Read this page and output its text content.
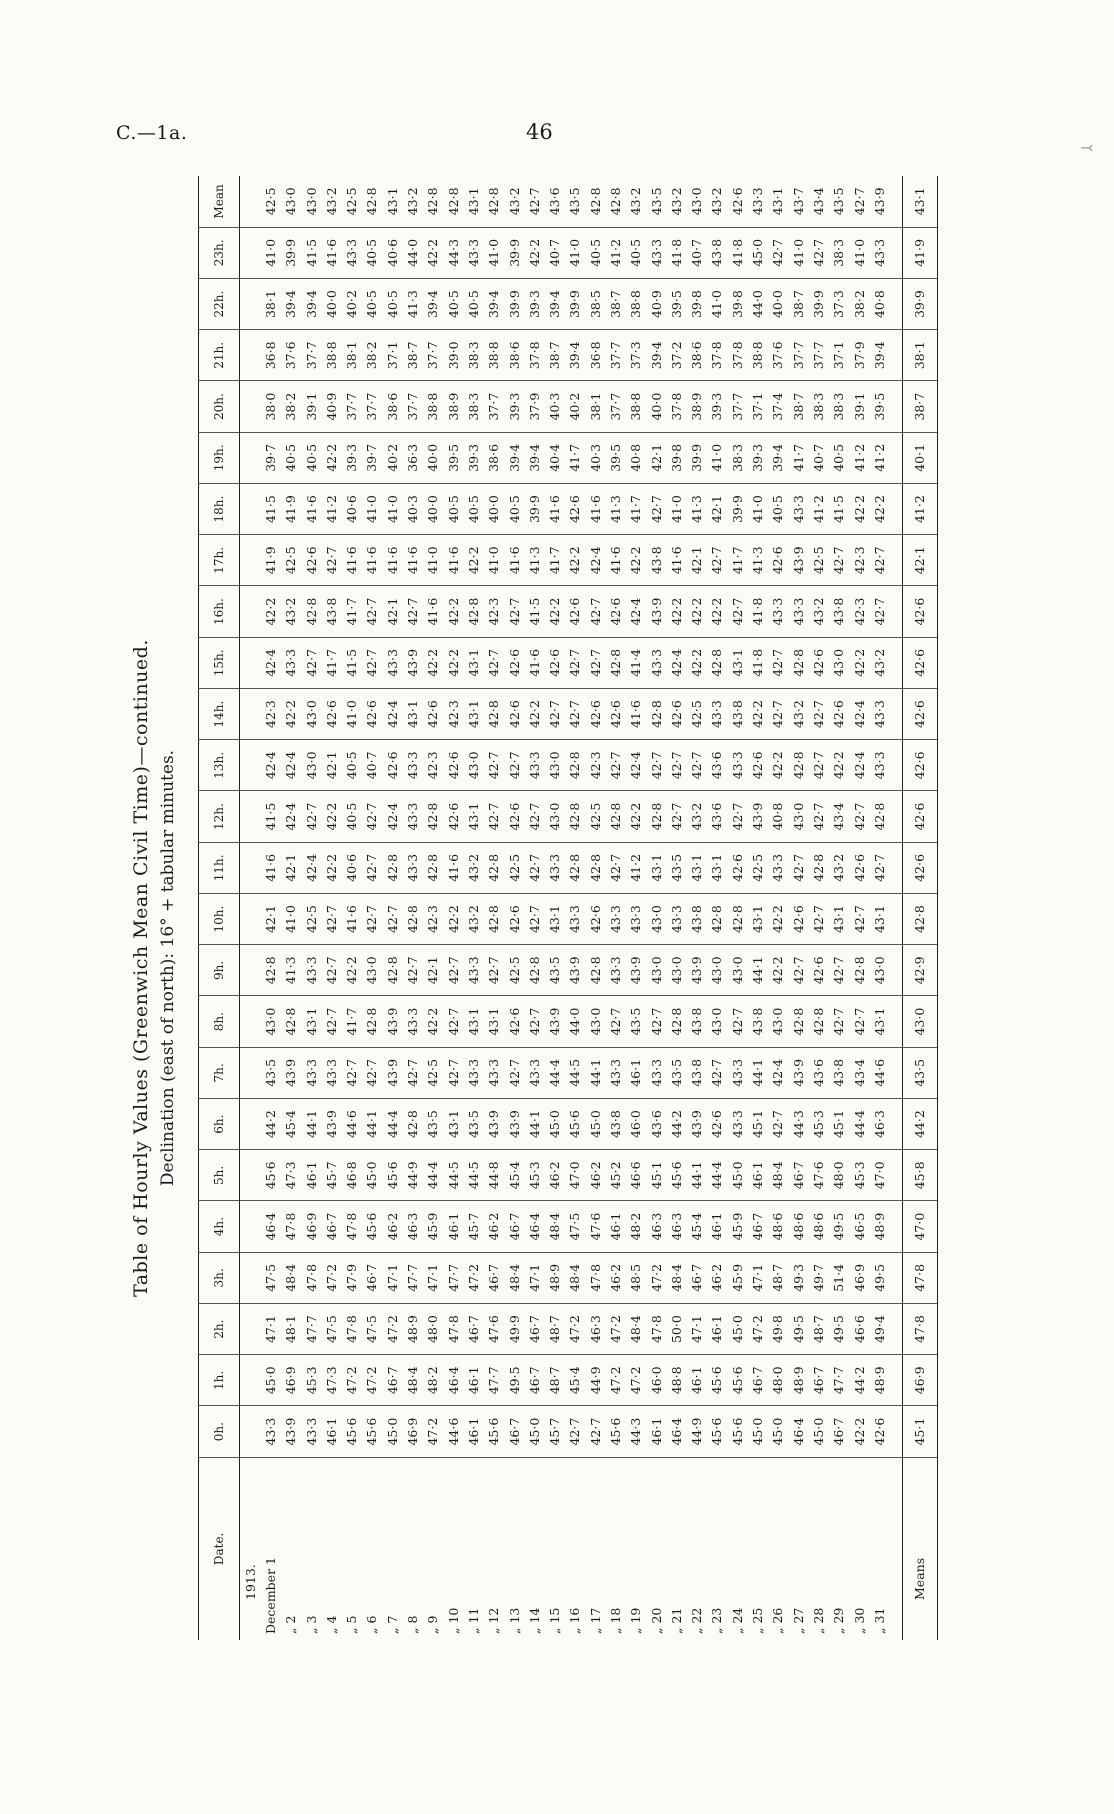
C.—1a.	46
Table of Hourly Values (Greenwich Mean Civil Time)—continued. Declination (east of north): 16° + tabular minutes.
Date.	0h.	1h.	2h.	3h.	4h.	5h.	6h.	7h.	8h.	9h.	10h.	11h.	12h.	13h.	14h.	15h.	16h.	17h.	18h.	19h.	20h.	21h.	22h.	23h.	Mean
1913.																									
December 1	43·3	45·0	47·1	47·5	46·4	45·6	44·2	43·5	43·0	42·8	42·1	41·6	41·5	42·4	42·3	42·4	42·2	41·9	41·5	39·7	38·0	36·8	38·1	41·0	42·5
„ 2	43·9	46·9	48·1	48·4	47·8	47·3	45·4	43·9	42·8	41·3	41·0	42·1	42·4	42·4	42·2	43·3	43·2	42·5	41·9	40·5	38·2	37·6	39·4	39·9	43·0
„ 3	43·3	45·3	47·7	47·8	46·9	46·1	44·1	43·3	43·1	43·3	42·5	42·4	42·7	43·0	43·0	42·7	42·8	42·6	41·6	40·5	39·1	37·7	39·4	41·5	43·0
„ 4	46·1	47·3	47·5	47·2	46·7	45·7	43·9	43·3	42·7	42·7	42·7	42·2	42·2	42·1	42·6	41·7	43·8	42·7	41·2	42·2	40·9	38·8	40·0	41·6	43·2
„ 5	45·6	47·2	47·8	47·9	47·8	46·8	44·6	42·7	41·7	42·2	41·6	40·6	40·5	40·5	41·0	41·5	41·7	41·6	40·6	39·3	37·7	38·1	40·2	43·3	42·5
„ 6	45·6	47·2	47·5	46·7	45·6	45·0	44·1	42·7	42·8	43·0	42·7	42·7	42·7	40·7	42·6	42·7	42·7	41·6	41·0	39·7	37·7	38·2	40·5	40·5	42·8
„ 7	45·0	46·7	47·2	47·1	46·2	45·6	44·4	43·9	43·9	42·8	42·7	42·8	42·4	42·6	42·4	43·3	42·1	41·6	41·0	40·2	38·6	37·1	40·5	40·6	43·1
„ 8	46·9	48·4	48·9	47·7	46·3	44·9	42·8	42·7	43·3	42·7	42·8	43·3	43·3	43·3	43·1	43·9	42·7	41·6	40·3	36·3	37·7	38·7	41·3	44·0	43·2
„ 9	47·2	48·2	48·0	47·1	45·9	44·4	43·5	42·5	42·2	42·1	42·3	42·8	42·8	42·3	42·6	42·2	41·6	41·0	40·0	40·0	38·8	37·7	39·4	42·2	42·8
„ 10	44·6	46·4	47·8	47·7	46·1	44·5	43·1	42·7	42·7	42·7	42·2	41·6	42·6	42·6	42·3	42·2	42·2	41·6	40·5	39·5	38·9	39·0	40·5	44·3	42·8
„ 11	46·1	46·1	46·7	47·2	45·7	44·5	43·5	43·3	43·1	43·3	43·2	43·2	43·1	43·0	43·1	43·1	42·8	42·2	40·5	39·3	38·3	38·3	40·5	43·3	43·1
„ 12	45·6	47·7	47·6	46·7	46·2	44·8	43·9	43·3	43·1	42·7	42·8	42·8	42·7	42·7	42·8	42·7	42·3	41·0	40·0	38·6	37·7	38·8	39·4	41·0	42·8
„ 13	46·7	49·5	49·9	48·4	46·7	45·4	43·9	42·7	42·6	42·5	42·6	42·5	42·6	42·7	42·6	42·6	42·7	41·6	40·5	39·4	39·3	38·6	39·9	39·9	43·2
„ 14	45·0	46·7	46·7	47·1	46·4	45·3	44·1	43·3	42·7	42·8	42·7	42·7	42·7	43·3	42·2	41·6	41·5	41·3	39·9	39·4	37·9	37·8	39·3	42·2	42·7
„ 15	45·7	48·7	48·7	48·9	48·4	46·2	45·0	44·4	43·9	43·5	43·1	43·3	43·0	43·0	42·7	42·6	42·2	41·7	41·6	40·4	40·3	38·7	39·4	40·7	43·6
„ 16	42·7	45·4	47·2	48·4	47·5	47·0	45·6	44·5	44·0	43·9	43·3	42·8	42·8	42·8	42·7	42·7	42·6	42·2	42·6	41·7	40·2	39·4	39·9	41·0	43·5
„ 17	42·7	44·9	46·3	47·8	47·6	46·2	45·0	44·1	43·0	42·8	42·6	42·8	42·5	42·3	42·6	42·7	42·7	42·4	41·6	40·3	38·1	36·8	38·5	40·5	42·8
„ 18	45·6	47·2	47·2	46·2	46·1	45·2	43·8	43·3	42·7	43·3	43·3	42·7	42·8	42·7	42·6	42·8	42·6	41·6	41·3	39·5	37·7	37·7	38·7	41·2	42·8
„ 19	44·3	47·2	48·4	48·5	48·2	46·6	46·0	46·1	43·5	43·9	43·3	41·2	42·2	42·4	41·6	41·4	42·4	42·2	41·7	40·8	38·8	37·3	38·8	40·5	43·2
„ 20	46·1	46·0	47·8	47·2	46·3	45·1	43·6	43·3	42·7	43·0	43·0	43·1	42·8	42·7	42·8	43·3	43·9	43·8	42·7	42·1	40·0	39·4	40·9	43·3	43·5
„ 21	46·4	48·8	50·0	48·4	46·3	45·6	44·2	43·5	42·8	43·0	43·3	43·5	42·7	42·7	42·6	42·4	42·2	41·6	41·0	39·8	37·8	37·2	39·5	41·8	43·2
„ 22	44·9	46·1	47·1	46·7	45·4	44·1	43·9	43·8	43·8	43·9	43·8	43·1	43·2	42·7	42·5	42·2	42·2	42·1	41·3	39·9	38·9	38·6	39·8	40·7	43·0
„ 23	45·6	45·6	46·1	46·2	46·1	44·4	42·6	42·7	43·0	43·0	42·8	43·1	43·6	43·6	43·3	42·8	42·2	42·7	42·1	41·0	39·3	37·8	41·0	43·8	43·2
„ 24	45·6	45·6	45·0	45·9	45·9	45·0	43·3	43·3	42·7	43·0	42·8	42·6	42·7	43·3	43·8	43·1	42·7	41·7	39·9	38·3	37·7	37·8	39·8	41·8	42·6
„ 25	45·0	46·7	47·2	47·1	46·7	46·1	45·1	44·1	43·8	44·1	43·1	42·5	43·9	42·6	42·2	41·8	41·8	41·3	41·0	39·3	37·1	38·8	44·0	45·0	43·3
„ 26	45·0	48·0	49·8	48·7	48·6	48·4	42·7	42·4	43·0	42·2	42·2	43·3	40·8	42·2	42·7	42·7	43·3	42·6	40·5	39·4	37·4	37·6	40·0	42·7	43·1
„ 27	46·4	48·9	49·5	49·3	48·6	46·7	44·3	43·9	42·8	42·7	42·6	42·7	43·0	42·8	43·2	42·8	43·3	43·9	43·3	41·7	38·7	37·7	38·7	41·0	43·7
„ 28	45·0	46·7	48·7	49·7	48·6	47·6	45·3	43·6	42·8	42·6	42·7	42·8	42·7	42·7	42·7	42·6	43·2	42·5	41·2	40·7	38·3	37·7	39·9	42·7	43·4
„ 29	46·7	47·7	49·5	51·4	49·5	48·0	45·1	43·8	42·7	42·7	43·1	43·2	43·4	42·2	42·6	43·0	43·8	42·7	41·5	40·5	38·3	37·1	37·3	38·3	43·5
„ 30	42·2	44·2	46·6	46·9	46·5	45·3	44·4	43·4	42·7	42·8	42·7	42·6	42·7	42·4	42·4	42·2	42·3	42·3	42·2	41·2	39·1	37·9	38·2	41·0	42·7
„ 31	42·6	48·9	49·4	49·5	48·9	47·0	46·3	44·6	43·1	43·0	43·1	42·7	42·8	43·3	43·3	43·2	42·7	42·7	42·2	41·2	39·5	39·4	40·8	43·3	43·9

Means	45·1	46·9	47·8	47·8	47·0	45·8	44·2	43·5	43·0	42·9	42·8	42·6	42·6	42·6	42·6	42·6	42·6	42·1	41·2	40·1	38·7	38·1	39·9	41·9	43·1
⤙
